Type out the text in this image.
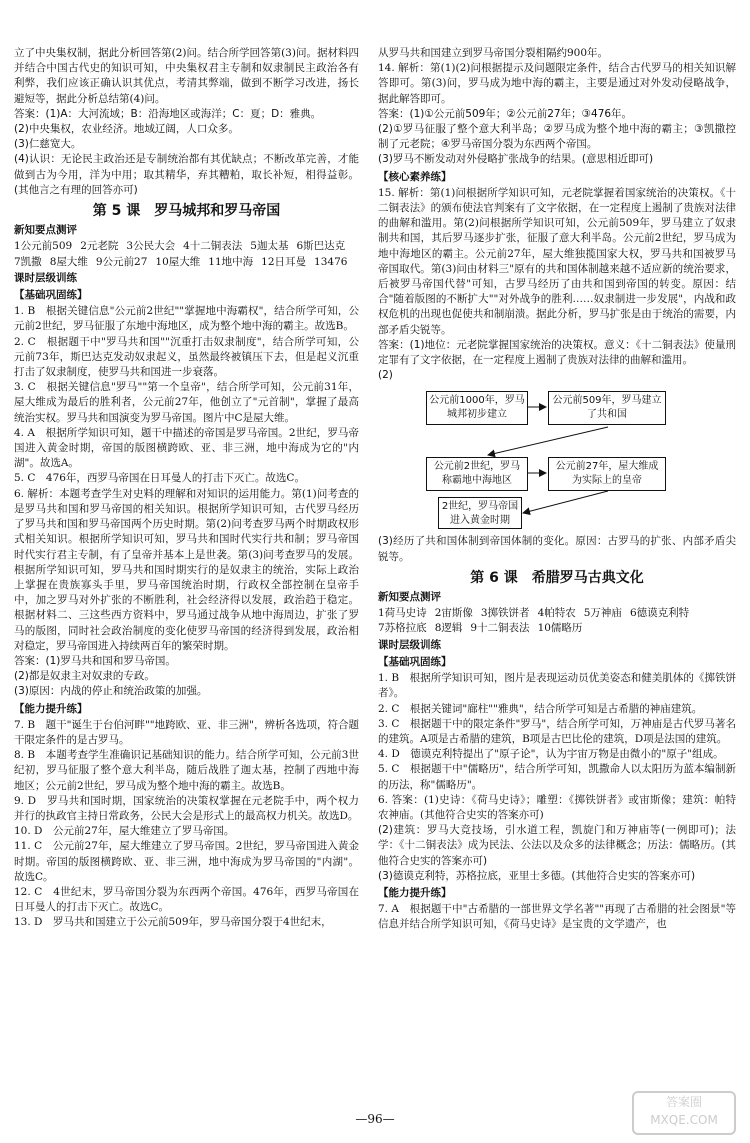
立了中央集权制，据此分析回答第(2)问。结合所学回答第(3)问。据材料四并结合中国古代史的知识可知，中央集权君主专制和奴隶制民主政治各有利弊，我们应该正确认识其优点，考清其弊端，做到不断学习改进，扬长避短等，据此分析总结第(4)问。

答案：(1)A：大河流域；B：沿海地区或海洋；C：夏；D：雅典。

(2)中央集权，农业经济。地域辽阔，人口众多。

(3)仁慈宽大。

(4)认识：无论民主政治还是专制统治都有其优缺点；不断改革完善，才能做到古为今用，洋为中用；取其精华，弃其糟粕，取长补短，相得益彰。(其他言之有理的回答亦可)

第 5 课　罗马城邦和罗马帝国
新知要点测评
1公元前509 2元老院 3公民大会 4十二铜表法 5迦太基 6斯巴达克
7凯撒 8屋大维 9公元前27 10屋大维 11地中海 12日耳曼 13476
课时层级训练
【基础巩固练】

1. B　根据关键信息"公元前2世纪""掌握地中海霸权"，结合所学可知，公元前2世纪，罗马征服了东地中海地区，成为整个地中海的霸主。故选B。

2. C　根据题干中"罗马共和国""沉重打击奴隶制度"，结合所学可知，公元前73年，斯巴达克发动奴隶起义，虽然最终被镇压下去，但是起义沉重打击了奴隶制度，使罗马共和国进一步衰落。

3. C　根据关键信息"罗马""第一个皇帝"，结合所学可知，公元前31年，屋大维成为最后的胜利者，公元前27年，他创立了"元首制"，掌握了最高统治实权。罗马共和国演变为罗马帝国。图片中C是屋大维。

4. A　根据所学知识可知，题干中描述的帝国是罗马帝国。2世纪，罗马帝国进入黄金时期，帝国的版图横跨欧、亚、非三洲，地中海成为它的"内湖"。故选A。

5. C　476年，西罗马帝国在日耳曼人的打击下灭亡。故选C。

6. 解析：本题考查学生对史料的理解和对知识的运用能力。第(1)问考查的是罗马共和国和罗马帝国的相关知识。根据所学知识可知，古代罗马经历了罗马共和国和罗马帝国两个历史时期。第(2)问考查罗马两个时期政权形式相关知识。根据所学知识可知，罗马共和国时代实行共和制；罗马帝国时代实行君主专制，有了皇帝并基本上是世袭。第(3)问考查罗马的发展。根据所学知识可知，罗马共和国时期实行的是奴隶主的统治，实际上政治上掌握在贵族寡头手里，罗马帝国统治时期，行政权全部控制在皇帝手中，加之罗马对外扩张的不断胜利，社会经济得以发展，政治趋于稳定。根据材料二、三这些西方资料中，罗马通过战争从地中海周边，扩张了罗马的版图，同时社会政治制度的变化使罗马帝国的经济得到发展，政治相对稳定，罗马帝国进入持续两百年的繁荣时期。

答案：(1)罗马共和国和罗马帝国。

(2)都是奴隶主对奴隶的专政。

(3)原因：内战的停止和统治政策的加强。

【能力提升练】

7. B　题干"诞生于台伯河畔""地跨欧、亚、非三洲"，辨析各选项，符合题干限定条件的是古罗马。

8. B　本题考查学生准确识记基础知识的能力。结合所学可知，公元前3世纪初，罗马征服了整个意大利半岛，随后战胜了迦太基，控制了西地中海地区；公元前2世纪，罗马成为整个地中海的霸主。故选B。

9. D　罗马共和国时期，国家统治的决策权掌握在元老院手中，两个权力并行的执政官主持日常政务，公民大会是形式上的最高权力机关。故选D。

10. D　公元前27年，屋大维建立了罗马帝国。

11. C　公元前27年，屋大维建立了罗马帝国。2世纪，罗马帝国进入黄金时期。帝国的版图横跨欧、亚、非三洲，地中海成为罗马帝国的"内湖"。故选C。

12. C　4世纪末，罗马帝国分裂为东西两个帝国。476年，西罗马帝国在日耳曼人的打击下灭亡。故选C。

13. D　罗马共和国建立于公元前509年，罗马帝国分裂于4世纪末，

从罗马共和国建立到罗马帝国分裂相隔约900年。

14. 解析：第(1)(2)问根据提示及问题限定条件，结合古代罗马的相关知识解答即可。第(3)问，罗马成为地中海的霸主，主要是通过对外发动侵略战争，据此解答即可。

答案：(1)①公元前509年；②公元前27年；③476年。

(2)①罗马征服了整个意大利半岛；②罗马成为整个地中海的霸主；③凯撒控制了元老院；④罗马帝国分裂为东西两个帝国。

(3)罗马不断发动对外侵略扩张战争的结果。(意思相近即可)

【核心素养练】

15. 解析：第(1)问根据所学知识可知，元老院掌握着国家统治的决策权。《十二铜表法》的颁布使法官判案有了文字依据，在一定程度上遏制了贵族对法律的曲解和滥用。第(2)问根据所学知识可知，公元前509年，罗马建立了奴隶制共和国，其后罗马逐步扩张，征服了意大利半岛。公元前2世纪，罗马成为地中海地区的霸主。公元前27年，屋大维独揽国家大权，罗马共和国被罗马帝国取代。第(3)问由材料三"原有的共和国体制越来越不适应新的统治要求，后被罗马帝国代替"可知，古罗马经历了由共和国到帝国的转变。原因：结合"随着版图的不断扩大""对外战争的胜利……奴隶制进一步发展"，内战和政权危机的出现也促使共和制崩溃。据此分析，罗马扩张是由于统治的需要，内部矛盾尖锐等。

答案：(1)地位：元老院掌握国家统治的决策权。意义：《十二铜表法》使量刑定罪有了文字依据，在一定程度上遏制了贵族对法律的曲解和滥用。

(2)

公元前1000年，罗马城邦初步建立
公元前509年，罗马建立了共和国
公元前2世纪，罗马称霸地中海地区
公元前27年，屋大维成为实际上的皇帝
2世纪，罗马帝国进入黄金时期

(3)经历了共和国体制到帝国体制的变化。原因：古罗马的扩张、内部矛盾尖锐等。

第 6 课　希腊罗马古典文化
新知要点测评
1荷马史诗 2宙斯像 3掷铁饼者 4帕特农 5万神庙 6德谟克利特
7苏格拉底 8逻辑 9十二铜表法 10儒略历
课时层级训练
【基础巩固练】

1. B　根据所学知识可知，图片是表现运动员优美姿态和健美肌体的《掷铁饼者》。

2. C　根据关键词"廊柱""雅典"，结合所学可知是古希腊的神庙建筑。

3. C　根据题干中的限定条件"罗马"，结合所学可知，万神庙是古代罗马著名的建筑。A项是古希腊的建筑，B项是古巴比伦的建筑，D项是法国的建筑。

4. D　德谟克利特提出了"原子论"，认为宇宙万物是由微小的"原子"组成。

5. C　根据题干中"儒略历"，结合所学可知，凯撒命人以太阳历为蓝本编制新的历法，称"儒略历"。

6. 答案：(1)史诗：《荷马史诗》；雕塑：《掷铁饼者》或宙斯像；建筑：帕特农神庙。(其他符合史实的答案亦可)

(2)建筑：罗马大竞技场，引水道工程，凯旋门和万神庙等(一例即可)；法学：《十二铜表法》成为民法、公法以及众多的法律概念；历法：儒略历。(其他符合史实的答案亦可)

(3)德谟克利特，苏格拉底，亚里士多德。(其他符合史实的答案亦可)

【能力提升练】

7. A　根据题干中"古希腊的一部世界文学名著""再现了古希腊的社会图景"等信息并结合所学知识可知，《荷马史诗》是宝贵的文学遗产，也

—96—
答案圈
MXQE.COM
